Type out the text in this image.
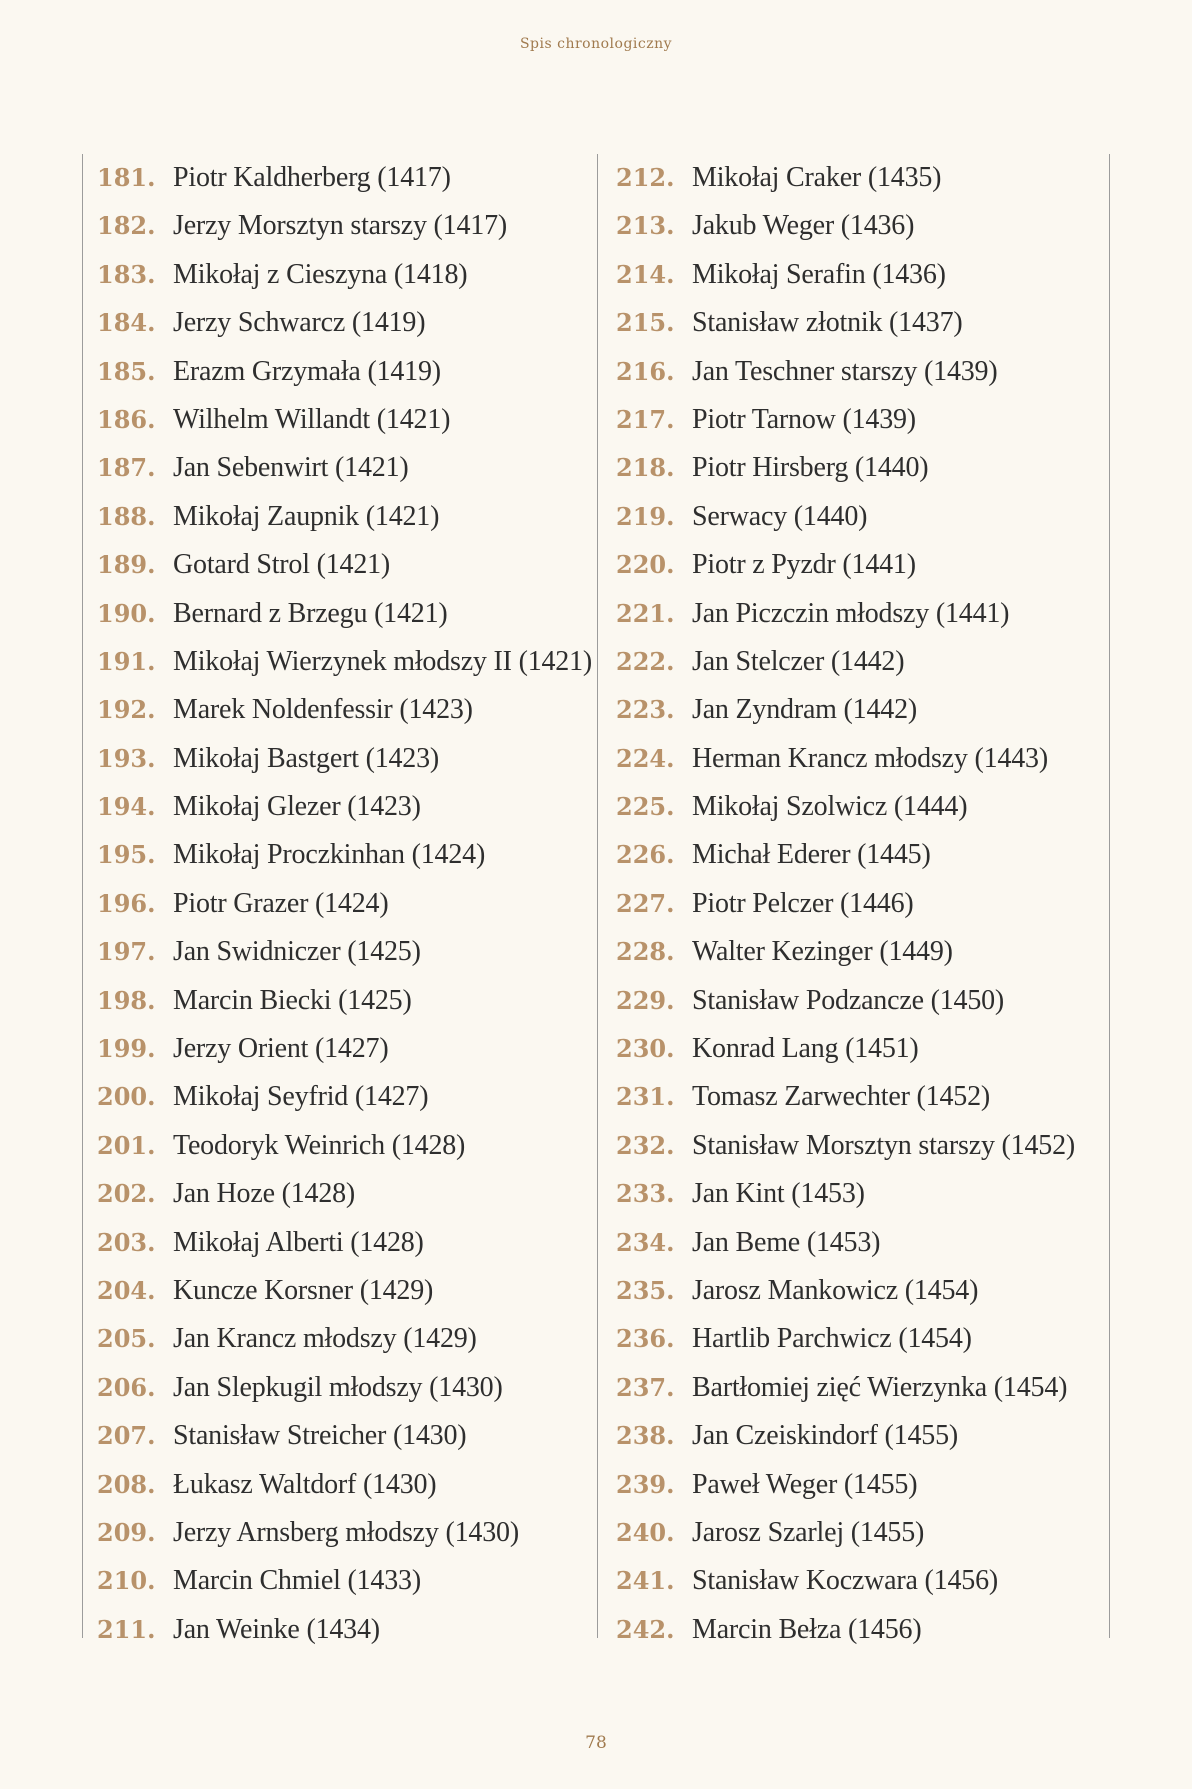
Spis chronologiczny
181. Piotr Kaldherberg (1417)
182. Jerzy Morsztyn starszy (1417)
183. Mikołaj z Cieszyna (1418)
184. Jerzy Schwarcz (1419)
185. Erazm Grzymała (1419)
186. Wilhelm Willandt (1421)
187. Jan Sebenwirt (1421)
188. Mikołaj Zaupnik (1421)
189. Gotard Strol (1421)
190. Bernard z Brzegu (1421)
191. Mikołaj Wierzynek młodszy II (1421)
192. Marek Noldenfessir (1423)
193. Mikołaj Bastgert (1423)
194. Mikołaj Glezer (1423)
195. Mikołaj Proczkinhan (1424)
196. Piotr Grazer (1424)
197. Jan Swidniczer (1425)
198. Marcin Biecki (1425)
199. Jerzy Orient (1427)
200. Mikołaj Seyfrid (1427)
201. Teodoryk Weinrich (1428)
202. Jan Hoze (1428)
203. Mikołaj Alberti (1428)
204. Kuncze Korsner (1429)
205. Jan Krancz młodszy (1429)
206. Jan Slepkugil młodszy (1430)
207. Stanisław Streicher (1430)
208. Łukasz Waltdorf (1430)
209. Jerzy Arnsberg młodszy (1430)
210. Marcin Chmiel (1433)
211. Jan Weinke (1434)
212. Mikołaj Craker (1435)
213. Jakub Weger (1436)
214. Mikołaj Serafin (1436)
215. Stanisław złotnik (1437)
216. Jan Teschner starszy (1439)
217. Piotr Tarnow (1439)
218. Piotr Hirsberg (1440)
219. Serwacy (1440)
220. Piotr z Pyzdr (1441)
221. Jan Piczczin młodszy (1441)
222. Jan Stelczer (1442)
223. Jan Zyndram (1442)
224. Herman Krancz młodszy (1443)
225. Mikołaj Szolwicz (1444)
226. Michał Ederer (1445)
227. Piotr Pelczer (1446)
228. Walter Kezinger (1449)
229. Stanisław Podzancze (1450)
230. Konrad Lang (1451)
231. Tomasz Zarwechter (1452)
232. Stanisław Morsztyn starszy (1452)
233. Jan Kint (1453)
234. Jan Beme (1453)
235. Jarosz Mankowicz (1454)
236. Hartlib Parchwicz (1454)
237. Bartłomiej zięć Wierzynka (1454)
238. Jan Czeiskindorf (1455)
239. Paweł Weger (1455)
240. Jarosz Szarlej (1455)
241. Stanisław Koczwara (1456)
242. Marcin Bełza (1456)
78
